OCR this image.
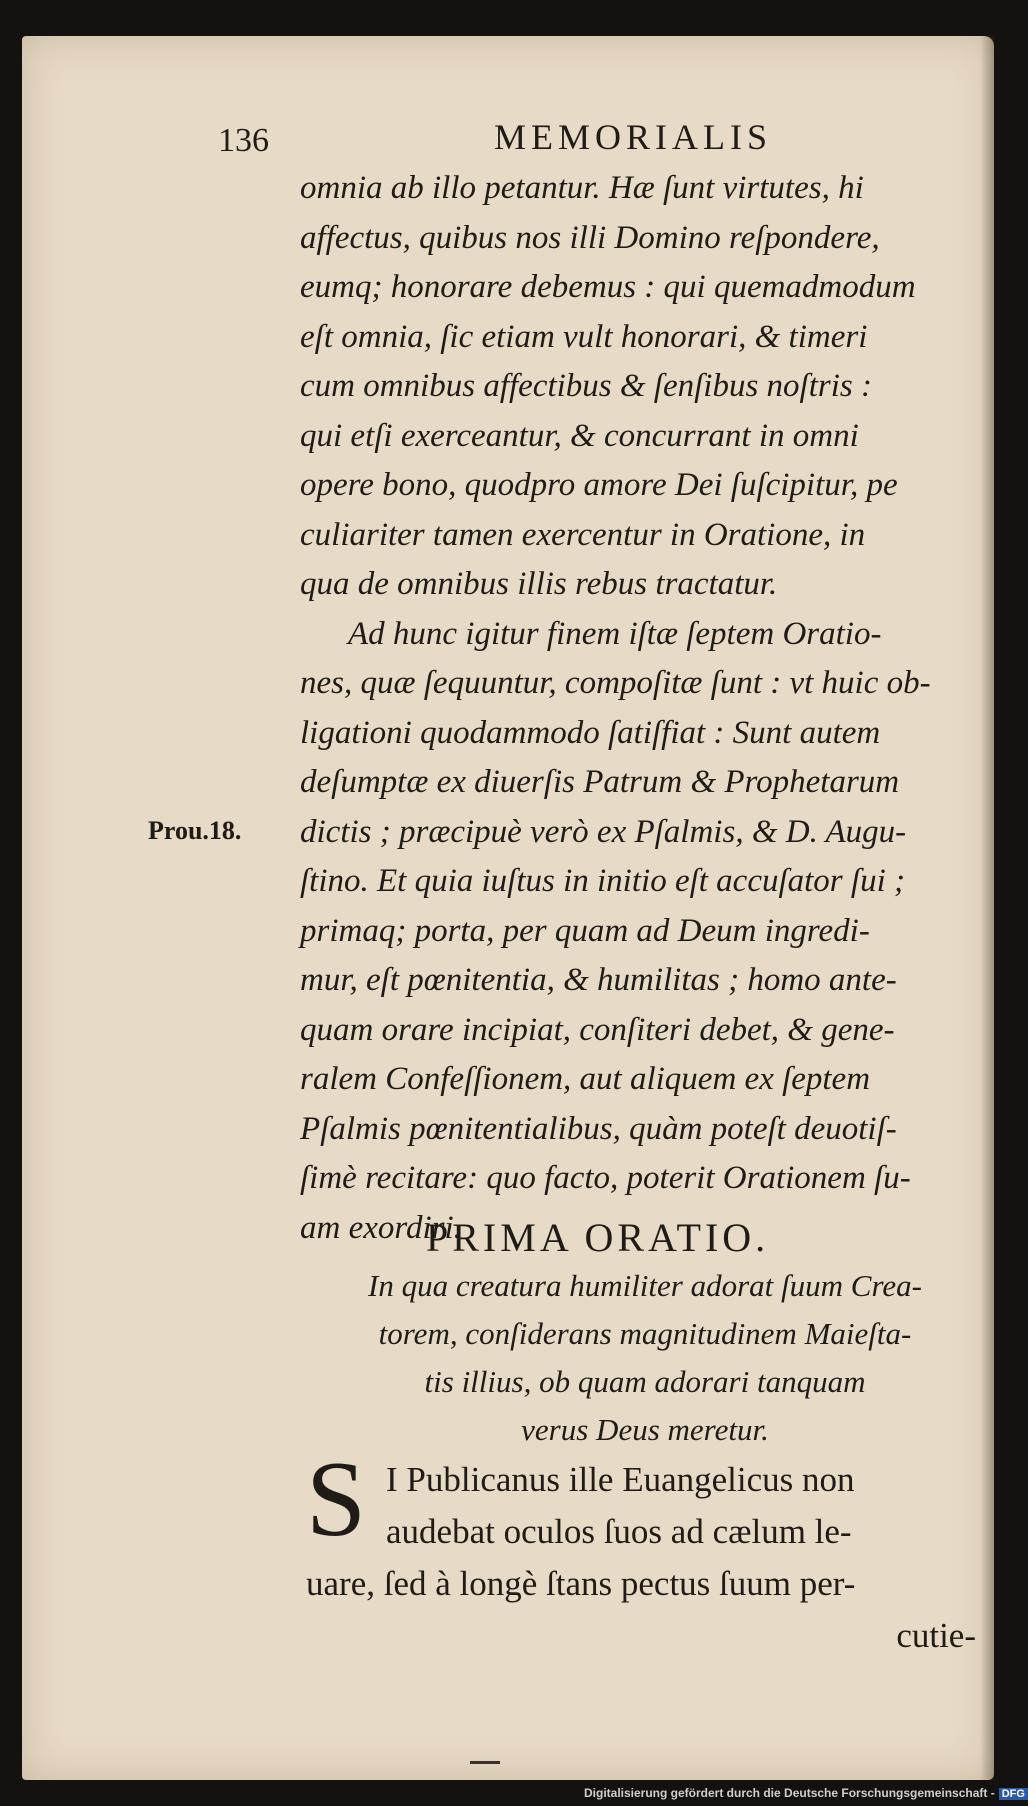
136	MEMORIALIS
omnia ab illo petantur. Hæ ſunt virtutes, hi
affectus, quibus nos illi Domino reſpondere,
eumq; honorare debemus : qui quemadmodum
eſt omnia, ſic etiam vult honorari, & timeri
cum omnibus affectibus & ſenſibus noſtris :
qui etſi exerceantur, & concurrant in omni
opere bono, quodpro amore Dei ſuſcipitur, pe
culiariter tamen exercentur in Oratione, in
qua de omnibus illis rebus tractatur.
Ad hunc igitur finem iſtæ ſeptem Oratio-
nes, quæ ſequuntur, compoſitæ ſunt : vt huic ob-
ligationi quodammodo ſatiſfiat : Sunt autem
deſumptæ ex diuerſis Patrum & Prophetarum
dictis ; præcipuè verò ex Pſalmis, & D. Augu-
ſtino. Et quia iuſtus in initio eſt accuſator ſui ;
primaq; porta, per quam ad Deum ingredi-
mur, eſt pœnitentia, & humilitas ; homo ante-
quam orare incipiat, conſiteri debet, & gene-
ralem Confeſſionem, aut aliquem ex ſeptem
Pſalmis pœnitentialibus, quàm poteſt deuotiſ-
ſimè recitare: quo facto, poterit Orationem ſu-
am exordiri.
Prou.18.
PRIMA ORATIO.
In qua creatura humiliter adorat ſuum Crea-
torem, conſiderans magnitudinem Maieſta-
tis illius, ob quam adorari tanquam
verus Deus meretur.
S I Publicanus ille Euangelicus non
audebat oculos ſuos ad cælum le-
uare, ſed à longè ſtans pectus ſuum per-
cutie-
Digitalisierung gefördert durch die Deutsche Forschungsgemeinschaft - DFG
